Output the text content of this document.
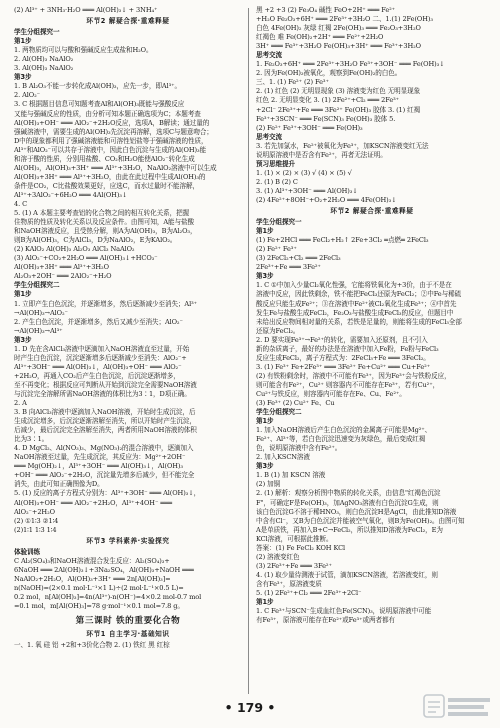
(2) Al³⁺ + 3NH₃·H₂O ═══ Al(OH)₃↓ + 3NH₄⁺
环节2 解疑合探·重难释疑
学生分组探究一
第1步
1. 两物质均可以与酸和强碱反应生成盐和H₂O。
2. Al(OH)₃ NaAlO₂
3. Al(OH)₃ NaAlO₂
第3步
1. B Al₂O₃不能一步转化成Al(OH)₃，应先一步，即Al³⁺。
2. AlO₂⁻
3. C 根据题目信息可知题考查Al和Al(OH)₃既能与强酸反应
又能与强碱反应的性质，由分析可知本题正确选项为C；本题考查
Al(OH)₃+OH⁻ ═══ AlO₂⁻+2H₂O反应，选项A，B解读；通过量的
强碱溶液中，需要生成的Al(OH)₃先沉淀再溶解，选项C与题意吻合；
D中的现象都利用了强碱溶液能和可溶性铝盐等于强碱溶液的性质，
Al³⁺和AlO₂⁻可以共存于溶液中，因此白色沉淀与生成的Al(OH)₃能
和溶于酸的性质，分别用盐酸、CO₂和H₂O能使AlO₂⁻转化生成
Al(OH)₃，Al(OH)₃+3H⁺ ═══ Al³⁺+3H₂O，NaAlO₂溶液中可以生成
Al(OH)₃+3H⁺ ═══ Al³⁺+3H₂O，由此在此过程中生成Al(OH)₃的
条件是CO₂，C比盐酸效果更好，应选C，而水过量时不能溶解，
Al³⁺+3AlO₂⁻+6H₂O ═══ 4Al(OH)₃↓
4. C
5. (1) A 本题主要考查铝的化合物之间的相互转化关系，把握
住物质的性质及转化关系以及反应条件。由图可知，A能与盐酸
和NaOH溶液反应，且受热分解，则A为Al(OH)₃，B为Al₂O₃，
则B为Al(OH)₃，C为AlCl₃，D为NaAlO₂，E为KAlO₂。
(2) KAlO₂ Al(OH)₃ Al₂O₃ AlCl₃ NaAlO₂
(3) AlO₂⁻+CO₂+2H₂O ═══ Al(OH)₃↓+HCO₃⁻
Al(OH)₃+3H⁺ ═══ Al³⁺+3H₂O
Al₂O₃+2OH⁻ ═══ 2AlO₂⁻+H₂O
学生分组探究二
第1步
1. 立即产生白色沉淀，并逐渐增多，然后逐渐减少至消失；Al³⁺
→Al(OH)₃→AlO₂⁻
2. 产生白色沉淀，并逐渐增多，然后又减少至消失；AlO₂⁻
→Al(OH)₃→Al³⁺
第3步
1. D 先在含AlCl₃溶液中逐滴加入NaOH溶液直至过量，开始
时产生白色沉淀，沉淀逐渐增多后逐渐减少至消失：AlO₂⁻+
Al³⁺+3OH⁻ ═══ Al(OH)₃↓，Al(OH)₃+OH⁻ ═══ AlO₂⁻
+2H₂O，再通入CO₂后产生白色沉淀，后沉淀逐渐增多，
至不再变化；根据反应可判断从开始到沉淀完全需要NaOH溶液
与沉淀完全溶解所需NaOH溶液的体积比为3∶1，D项正确。
2. A
3. B 向AlCl₃溶液中逐滴加入NaOH溶液，开始时生成沉淀，后
生成沉淀增多，后沉淀逐渐溶解至消失，所以开始时产生沉淀，
后减少，最后沉淀完全溶解至消失，两者所用NaOH溶液的体积
比为3∶1。
4. D MgCl₂、Al(NO₃)₃、Mg(NO₃)₂的混合溶液中，逐滴加入
NaOH溶液至过量，先生成沉淀，其反应为：Mg²⁺+2OH⁻
═══ Mg(OH)₂↓，Al³⁺+3OH⁻ ═══ Al(OH)₃↓，Al(OH)₃
+OH⁻ ═══ AlO₂⁻+2H₂O，沉淀量先增多后减少，但不能完全
消失，由此可知正确图像为D。
5. (1) 反应的离子方程式分别为：Al³⁺+3OH⁻ ═══ Al(OH)₃↓，
Al(OH)₃+OH⁻ ═══ AlO₂⁻+2H₂O，Al³⁺+4OH⁻ ═══
AlO₂⁻+2H₂O
(2) ①1∶3 ②1∶4
(2)1∶1 1∶3 1∶4
环节3 学科素养·实验探究
体验训练
C Al₂(SO₄)₃和NaOH溶液混合发生反应：Al₂(SO₄)₃+
6NaOH ═══ 2Al(OH)₃↓+3Na₂SO₄，Al(OH)₃+NaOH ═══
NaAlO₂+2H₂O，Al(OH)₃+3H⁺ ═══ 2n[Al(OH)₃]=
n(NaOH)=(2×0.1 mol·L⁻¹×1 L)÷(2 mol·L⁻¹×0.5 L)=
0.2 mol，n[Al(OH)₃]=4n(Al³⁺)-n(OH⁻)=4×0.2 mol-0.7 mol
=0.1 mol，m[Al(OH)₃]=78 g·mol⁻¹×0.1 mol=7.8 g。
第三课时 铁的重要化合物
环节1 自主学习·基础知识
一、1. 氧 硅 铝 +2和+3价化合物 2. (1) 铁红 黑 红棕
黑 +2 +3 (2) Fe₃O₄ 碱性 FeO+2H⁺ ═══ Fe²⁺
+H₂O Fe₂O₃+6H⁺ ═══ 2Fe³⁺+3H₂O 二、1.(1) 2Fe(OH)₃
白色 4Fe(OH)₂ 灰绿 红褐 2Fe(OH)₃ ═══ Fe₂O₃+3H₂O
红褐色 难 Fe(OH)₂+2H⁺ ═══ Fe²⁺+2H₂O
3H⁺ ═══ Fe³⁺+3H₂O Fe(OH)₃+3H⁺ ═══ Fe³⁺+3H₂O
思考交流
1. Fe₂O₃+6H⁺ ═══ 2Fe³⁺+3H₂O Fe³⁺+3OH⁻ ═══ Fe(OH)₃↓
2. 因为Fe(OH)₂被氧化，观察到Fe(OH)₂的白色。
三、1. (1) Fe²⁺ (2) Fe³⁺
2. (1) 红色 (2) 无明显现象 (3) 溶液变为红色 无明显现象
红色 2. 无明显变化 3. (1) 2Fe²⁺+Cl₂ ═══ 2Fe³⁺
+2Cl⁻ 2Fe³⁺+Fe ═══ 3Fe²⁺ Fe(OH)₃ 胶体 3. (1) 红褐
Fe³⁺+3SCN⁻ ═══ Fe(SCN)₃ Fe(OH)₃ 胶体 5.
(2) Fe²⁺ Fe³⁺+3OH⁻ ═══ Fe(OH)₃
思考交流
3. 若先加氯水，Fe²⁺被氧化为Fe³⁺，加KSCN溶液变红无法
说明原溶液中是否含有Fe²⁺，再者无法证明。
预习思维提升
1. (1) × (2) × (3) √ (4) × (5) √
2. (1) B (2) C
3. (1) Al³⁺+3OH⁻ ═══ Al(OH)₃↓
(2) 4Fe²⁺+8OH⁻+O₂+2H₂O ═══ 4Fe(OH)₃↓
环节2 解疑合探·重难释疑
学生分组探究一
第1步
(1) Fe+2HCl ═══ FeCl₂+H₂↑ 2Fe+3Cl₂ ═点燃═ 2FeCl₃
(2) Fe²⁺ Fe³⁺
(3) 2FeCl₂+Cl₂ ═══ 2FeCl₃
2Fe³⁺+Fe ═══ 3Fe²⁺
第3步
1. C ①中加入少量Cl₂氧化性强，它能将铁氧化为+3价，由于不是在
溶液中反应，因此铁剩余，铁不能把FeCl₃还原为FeCl₂；②中Fe与稀硫
酸反应只能生成Fe²⁺；③在溶液中Fe²⁺被Cl₂氧化生成Fe³⁺；④中首先
发生Fe与盐酸生成FeCl₂，Fe₂O₃与盐酸生成FeCl₃的反应，但题目中
未给出反应物间相对量的关系，若铁是足量的，则能将生成的FeCl₃全部
还原为FeCl₂。
2. D 要实现Fe³⁺→Fe²⁺的转化，需要加入还原剂，且不引入
新的杂质离子，最好的办法是在溶液中加入Fe粉，Fe粉与FeCl₃
反应生成FeCl₂，离子方程式为：2FeCl₃+Fe ═══ 3FeCl₂。
3. (1) Fe³⁺ Fe+2Fe³⁺ ═══ 3Fe²⁺ Fe+Cu²⁺ ═══ Cu+Fe²⁺
(2) 有铁粉剩余时，溶液中不可能有Fe³⁺，因为Fe³⁺会与铁粉反应，
则可能含有Fe²⁺，Cu²⁺ 则容器内不可能存在Fe³⁺，若有Cu²⁺，
Cu²⁺与铁反应，则容器内可能存在Fe、Cu、Fe²⁺。
(3) Fe³⁺ (2) Cu²⁺ Fe、Cu
学生分组探究二
第1步
1. 加入NaOH溶液后产生白色沉淀的金属离子可能是Mg²⁺、
Fe²⁺、Al³⁺等，若白色沉淀迅速变为灰绿色，最后变成红褐
色，说明原溶液中含有Fe²⁺。
2. 加入KSCN溶液
第3步
1. B (1) 加 KSCN 溶液
(2) 加铜
2. (1) 解析：观察分析图中物质的转化关系，由信息"红褐色沉淀
F"，可确定F是Fe(OH)₃，加AgNO₃溶液有白色沉淀G生成，则
该白色沉淀G不溶于稀HNO₃，则白色沉淀H是AgCl，由此推知D溶液
中含有Cl⁻，又B为白色沉淀并能被空气氧化，则B为Fe(OH)₂。由图可知
A是单质铁，再加入B+C→FeCl₂，所以推知D溶液为FeCl₂，E为
KCl溶液，可根据此推断。
答案：(1) Fe FeCl₂ KOH KCl
(2) 溶液变红色
(3) 2Fe³⁺+Fe ═══ 3Fe²⁺
4. (1) 取少量待测液于试管，滴加KSCN溶液，若溶液变红，则
含有Fe³⁺，原溶液变质
5. (1) 2Fe²⁺+Cl₂ ═══ 2Fe³⁺+2Cl⁻
第1步
1. C Fe³⁺与SCN⁻生成血红色Fe(SCN)₃，说明原溶液中可能
有Fe³⁺，原溶液可能存在Fe²⁺或Fe³⁺或两者都有
• 179 •
